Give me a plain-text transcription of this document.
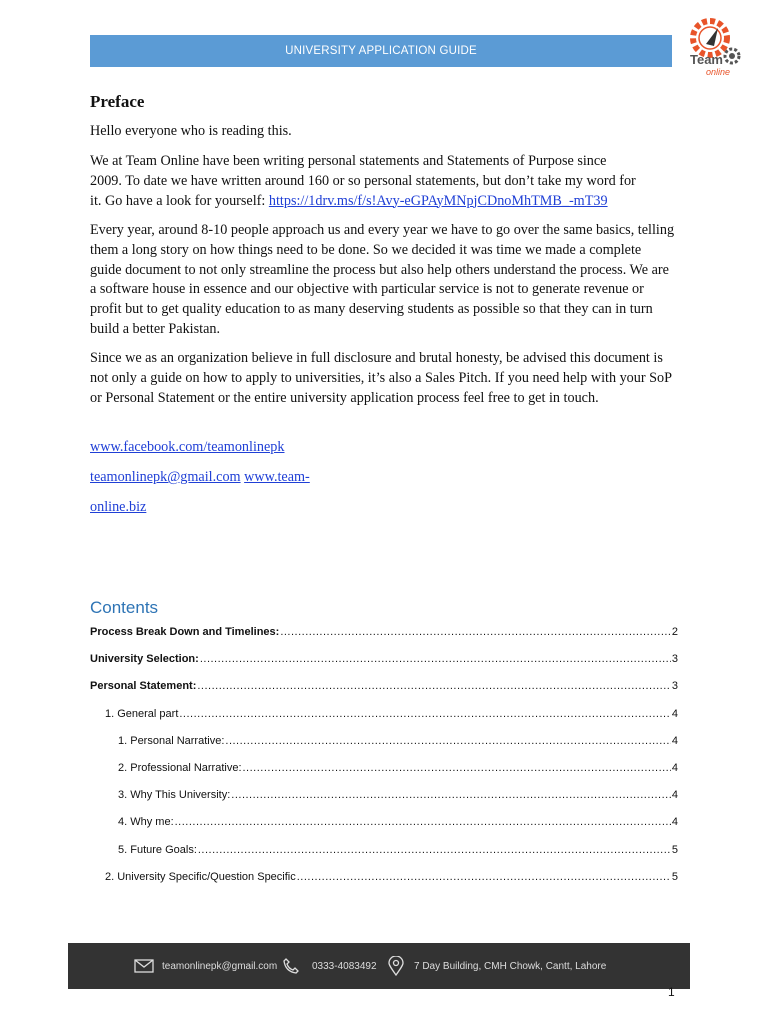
UNIVERSITY APPLICATION GUIDE
Team
online
Preface

Hello everyone who is reading this.

We at Team Online have been writing personal statements and Statements of Purpose since
2009. To date we have written around 160 or so personal statements, but don’t take my word for
it. Go have a look for yourself: https://1drv.ms/f/s!Avy-eGPAyMNpjCDnoMhTMB_-mT39

Every year, around 8-10 people approach us and every year we have to go over the same basics, telling them a long story on how things need to be done. So we decided it was time we made a complete guide document to not only streamline the process but also help others understand the process. We are a software house in essence and our objective with particular service is not to generate revenue or profit but to get quality education to as many deserving students as possible so that they can in turn build a better Pakistan.

Since we as an organization believe in full disclosure and brutal honesty, be advised this document is not only a guide on how to apply to universities, it’s also a Sales Pitch. If you need help with your SoP or Personal Statement or the entire university application process feel free to get in touch.

www.facebook.com/teamonlinepk

teamonlinepk@gmail.com www.team-

online.biz

Contents
Process Break Down and Timelines: .....	2
University Selection: .....	3
Personal Statement: .....	3
1. General part .....	4
1. Personal Narrative: .....	4
2. Professional Narrative: .....	4
3. Why This University: .....	4
4. Why me: .....	4
5. Future Goals: .....	5
2. University Specific/Question Specific .....	5
teamonlinepk@gmail.com	0333-4083492	7 Day Building, CMH Chowk, Cantt, Lahore
1
